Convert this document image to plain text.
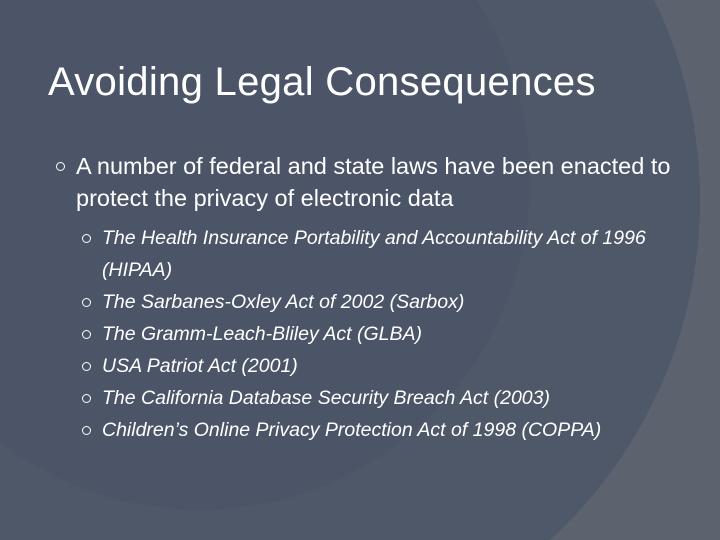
Avoiding Legal Consequences
A number of federal and state laws have been enacted to protect the privacy of electronic data
The Health Insurance Portability and Accountability Act of 1996 (HIPAA)
The Sarbanes-Oxley Act of 2002 (Sarbox)
The Gramm-Leach-Bliley Act (GLBA)
USA Patriot Act (2001)
The California Database Security Breach Act (2003)
Children’s Online Privacy Protection Act of 1998 (COPPA)
